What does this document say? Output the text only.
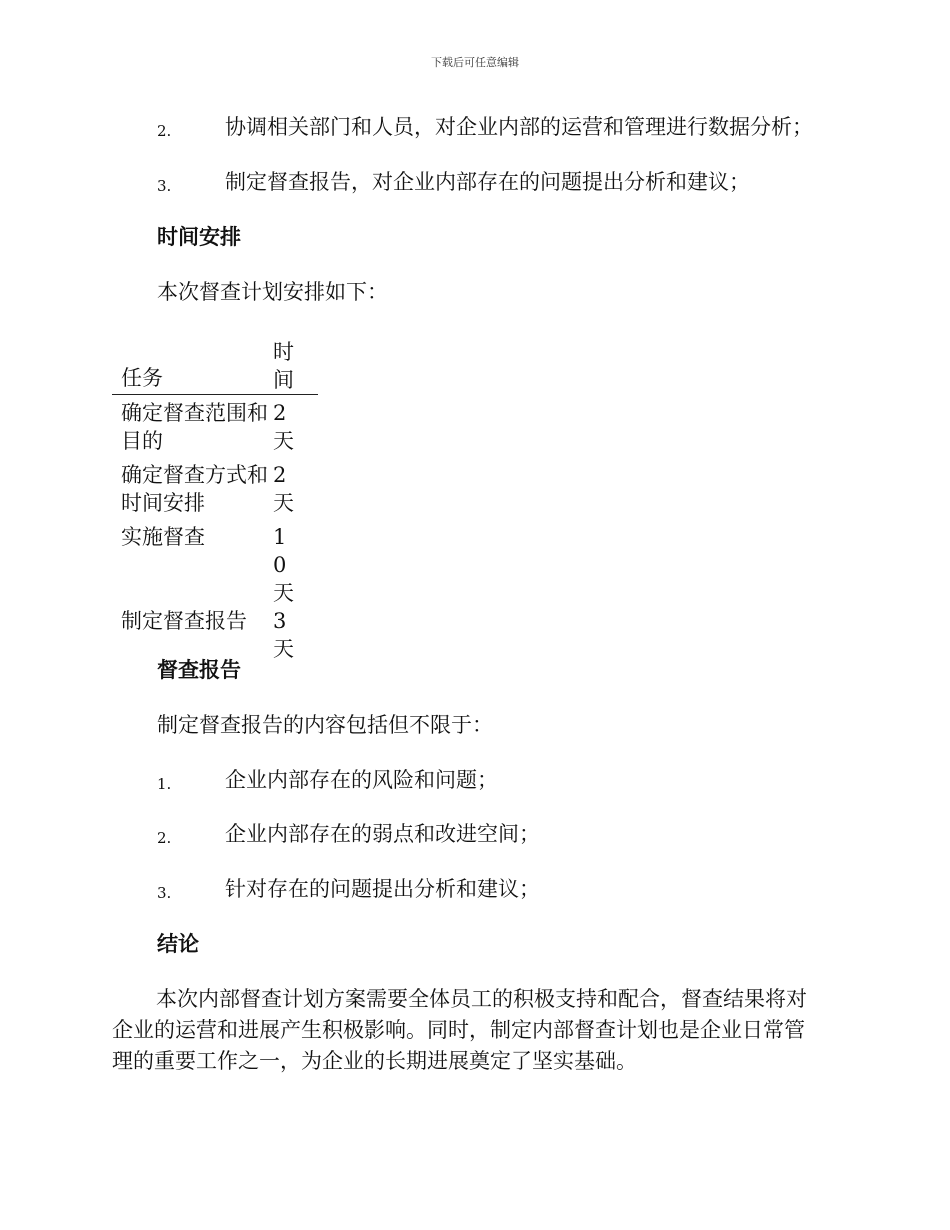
下载后可任意编辑
2.	协调相关部门和人员，对企业内部的运营和管理进行数据分析；
3.	制定督查报告，对企业内部存在的问题提出分析和建议；
时间安排
本次督查计划安排如下：
任务	时间
确定督查范围和目的	2天
确定督查方式和时间安排	2天
实施督查	10天
制定督查报告	3天
督查报告
制定督查报告的内容包括但不限于：
1.	企业内部存在的风险和问题；
2.	企业内部存在的弱点和改进空间；
3.	针对存在的问题提出分析和建议；
结论
本次内部督查计划方案需要全体员工的积极支持和配合，督查结果将对
企业的运营和进展产生积极影响。同时，制定内部督查计划也是企业日常管
理的重要工作之一，为企业的长期进展奠定了坚实基础。
